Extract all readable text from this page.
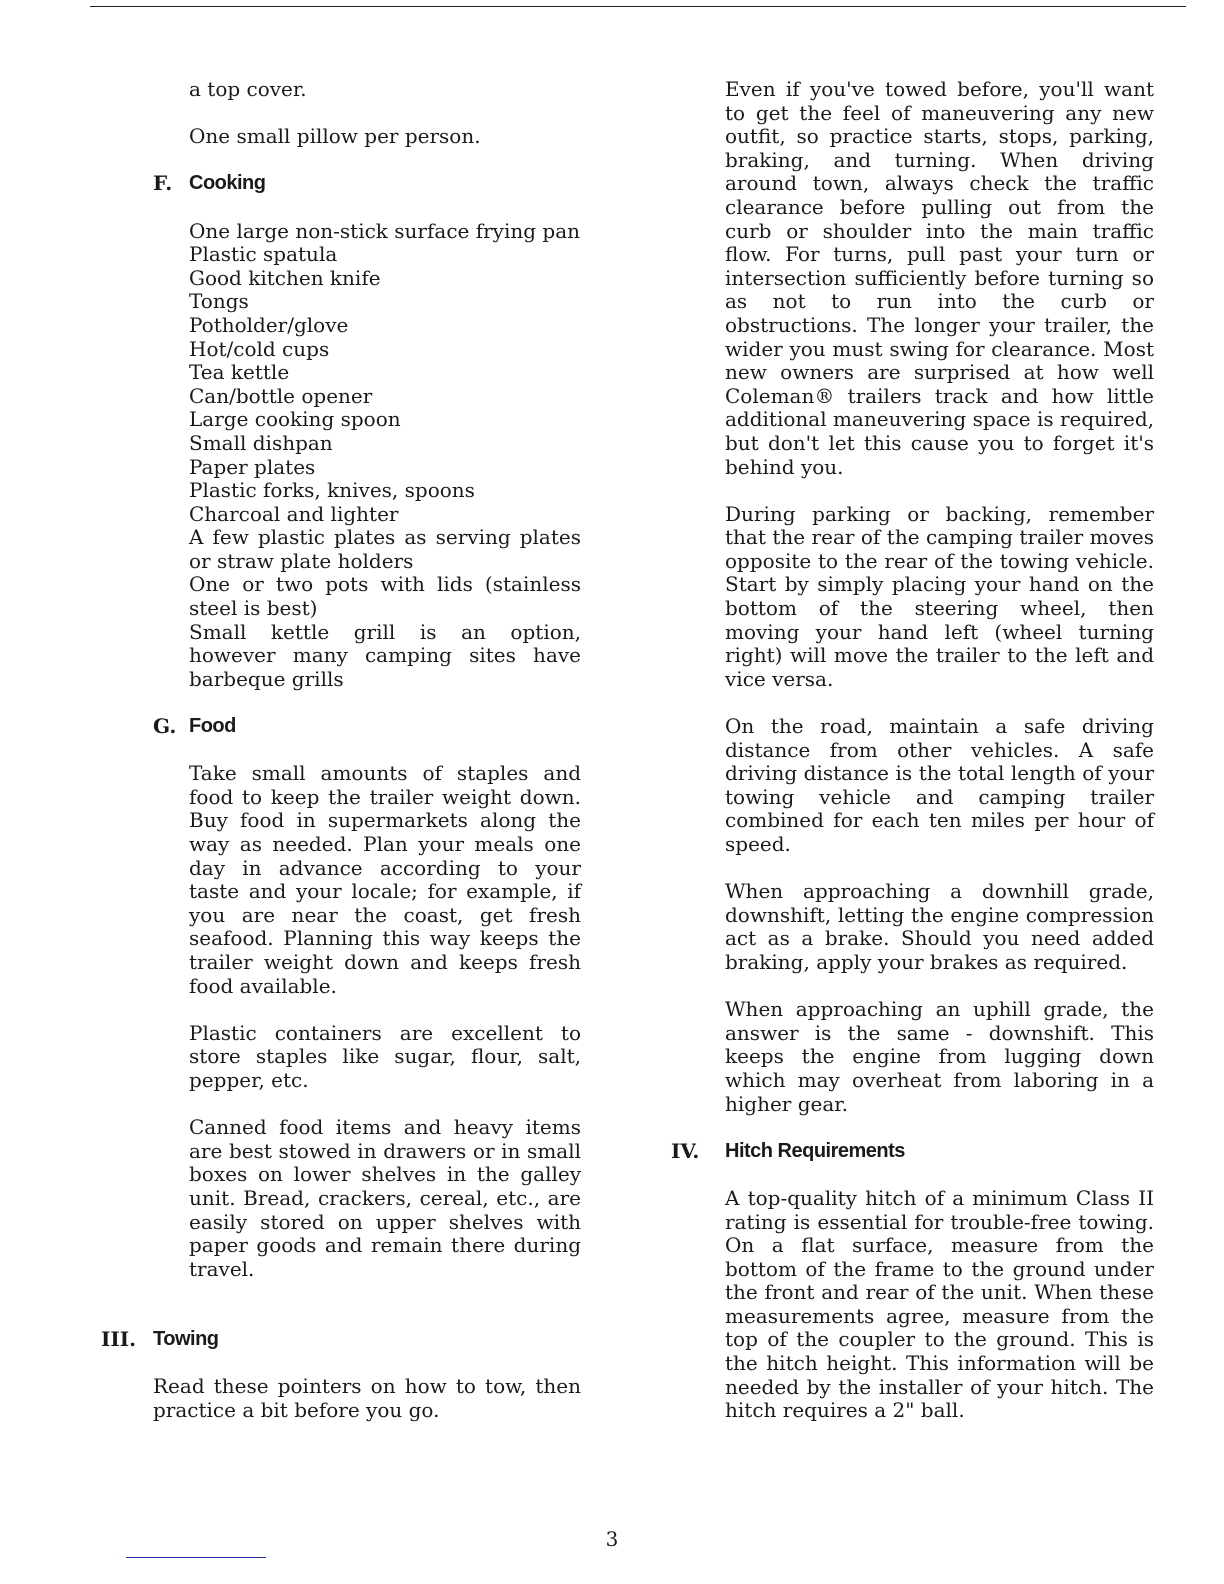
a top cover.

One small pillow per person.

F. Cooking
One large non-stick surface frying pan
Plastic spatula
Good kitchen knife
Tongs
Potholder/glove
Hot/cold cups
Tea kettle
Can/bottle opener
Large cooking spoon
Small dishpan
Paper plates
Plastic forks, knives, spoons
Charcoal and lighter
A few plastic plates as serving plates or straw plate holders
One or two pots with lids (stainless steel is best)
Small kettle grill is an option, however many camping sites have barbeque grills
G. Food

Take small amounts of staples and food to keep the trailer weight down. Buy food in supermarkets along the way as needed. Plan your meals one day in advance according to your taste and your locale; for example, if you are near the coast, get fresh seafood. Planning this way keeps the trailer weight down and keeps fresh food available.

Plastic containers are excellent to store staples like sugar, flour, salt, pepper, etc.

Canned food items and heavy items are best stowed in drawers or in small boxes on lower shelves in the galley unit. Bread, crackers, cereal, etc., are easily stored on upper shelves with paper goods and remain there during travel.

III. Towing

Read these pointers on how to tow, then practice a bit before you go.

Even if you've towed before, you'll want to get the feel of maneuvering any new outfit, so practice starts, stops, parking, braking, and turning. When driving around town, always check the traffic clearance before pulling out from the curb or shoulder into the main traffic flow. For turns, pull past your turn or intersection sufficiently before turning so as not to run into the curb or obstructions. The longer your trailer, the wider you must swing for clearance. Most new owners are surprised at how well Coleman® trailers track and how little additional maneuvering space is required, but don't let this cause you to forget it's behind you.

During parking or backing, remember that the rear of the camping trailer moves opposite to the rear of the towing vehicle. Start by simply placing your hand on the bottom of the steering wheel, then moving your hand left (wheel turning right) will move the trailer to the left and vice versa.

On the road, maintain a safe driving distance from other vehicles. A safe driving distance is the total length of your towing vehicle and camping trailer combined for each ten miles per hour of speed.

When approaching a downhill grade, downshift, letting the engine compression act as a brake. Should you need added braking, apply your brakes as required.

When approaching an uphill grade, the answer is the same - downshift. This keeps the engine from lugging down which may overheat from laboring in a higher gear.

IV. Hitch Requirements

A top-quality hitch of a minimum Class II rating is essential for trouble-free towing. On a flat surface, measure from the bottom of the frame to the ground under the front and rear of the unit. When these measurements agree, measure from the top of the coupler to the ground. This is the hitch height. This information will be needed by the installer of your hitch. The hitch requires a 2" ball.

3
